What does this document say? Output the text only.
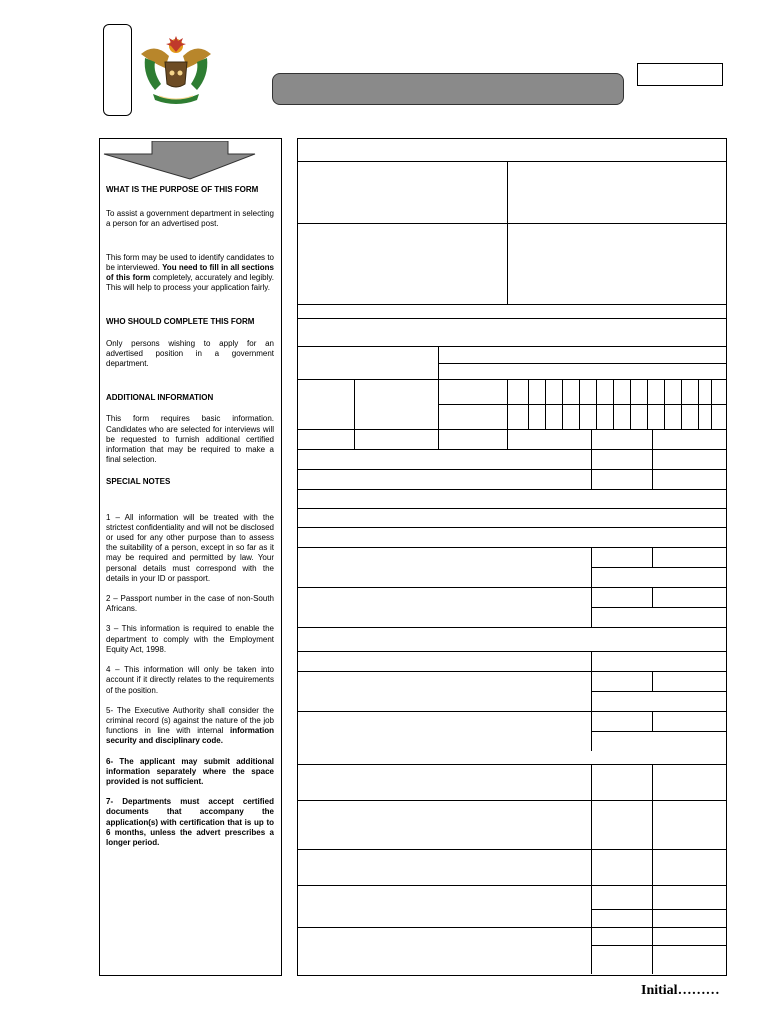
WHAT IS THE PURPOSE OF THIS FORM

To assist a government department in selecting a person for an advertised post.

This form may be used to identify candidates to be interviewed. You need to fill in all sections of this form completely, accurately and legibly. This will help to process your application fairly.

WHO SHOULD COMPLETE THIS FORM

Only persons wishing to apply for an advertised position in a government department.

ADDITIONAL INFORMATION

This form requires basic information. Candidates who are selected for interviews will be requested to furnish additional certified information that may be required to make a final selection.

SPECIAL NOTES

1 – All information will be treated with the strictest confidentiality and will not be disclosed or used for any other purpose than to assess the suitability of a person, except in so far as it may be required and permitted by law. Your personal details must correspond with the details in your ID or passport.

2 – Passport number in the case of non-South Africans.

3 – This information is required to enable the department to comply with the Employment Equity Act, 1998.

4 – This information will only be taken into account if it directly relates to the requirements of the position.

5- The Executive Authority shall consider the criminal record (s) against the nature of the job functions in line with internal information security and disciplinary code.

6- The applicant may submit additional information separately where the space provided is not sufficient.

7- Departments must accept certified documents that accompany the application(s) with certification that is up to 6 months, unless the advert prescribes a longer period.

Initial………
